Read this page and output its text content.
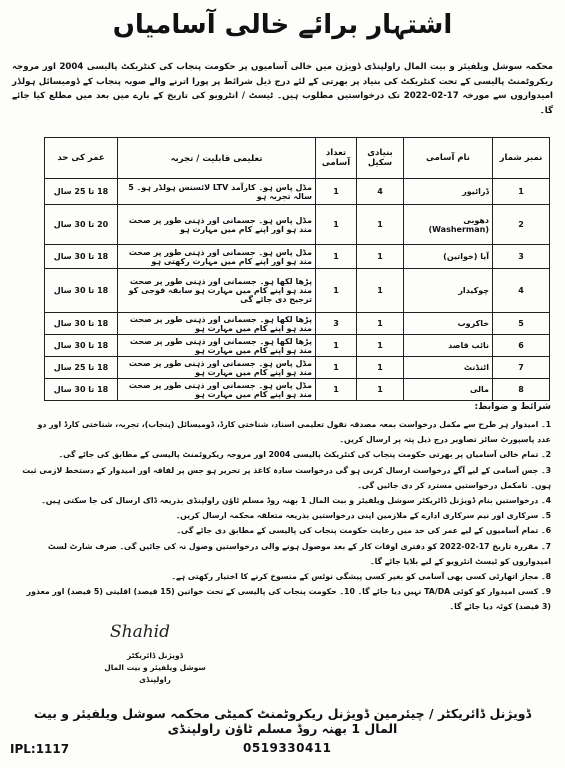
اشتہار برائے خالی آسامیاں
محکمہ سوشل ویلفیئر و بیت المال راولپنڈی ڈویژن میں خالی آسامیوں پر حکومت پنجاب کی کنٹریکٹ پالیسی 2004 اور مروجہ ریکروٹمنٹ پالیسی کے تحت کنٹریکٹ کی بنیاد پر بھرتی کے لئے درج ذیل شرائط پر پورا اترنے والے صوبہ پنجاب کے ڈومیسائل ہولڈر امیدواروں سے مورخہ 17-02-2022 تک درخواستیں مطلوب ہیں۔ ٹیسٹ / انٹرویو کی تاریخ کے بارے میں بعد میں مطلع کیا جائے گا۔
نمبر شمار	نام آسامی	بنیادی سکیل	تعداد آسامی	تعلیمی قابلیت / تجربہ	عمر کی حد
1	ڈرائیور	4	1	مڈل پاس ہو۔ کارآمد LTV لائسنس ہولڈر ہو۔ 5 سالہ تجربہ ہو	18 تا 25 سال
2	دھوبی (Washerman)	1	1	مڈل پاس ہو۔ جسمانی اور ذہنی طور پر صحت مند ہو اور اپنے کام میں مہارت ہو	20 تا 30 سال
3	آیا (خواتین)	1	1	مڈل پاس ہو۔ جسمانی اور ذہنی طور پر صحت مند ہو اور اپنے کام میں مہارت رکھتی ہو	18 تا 30 سال
4	چوکیدار	1	1	پڑھا لکھا ہو۔ جسمانی اور ذہنی طور پر صحت مند ہو اپنے کام میں مہارت ہو سابقہ فوجی کو ترجیح دی جائے گی	18 تا 30 سال
5	خاکروب	1	3	پڑھا لکھا ہو۔ جسمانی اور ذہنی طور پر صحت مند ہو اپنے کام میں مہارت ہو	18 تا 30 سال
6	نائب قاصد	1	1	پڑھا لکھا ہو۔ جسمانی اور ذہنی طور پر صحت مند ہو اپنے کام میں مہارت ہو	18 تا 30 سال
7	اٹنڈنٹ	1	1	مڈل پاس ہو۔ جسمانی اور ذہنی طور پر صحت مند ہو اپنے کام میں مہارت ہو	18 تا 25 سال
8	مالی	1	1	مڈل پاس ہو۔ جسمانی اور ذہنی طور پر صحت مند ہو اپنے کام میں مہارت ہو	18 تا 30 سال
شرائط و ضوابط:
1۔ امیدوار ہر طرح سے مکمل درخواست بمعہ مصدقہ نقول تعلیمی اسناد، شناختی کارڈ، ڈومیسائل (پنجاب)، تجربہ، شناختی کارڈ اور دو عدد پاسپورٹ سائز تصاویر درج ذیل پتہ پر ارسال کریں۔
2۔ تمام خالی آسامیاں پر بھرتی حکومت پنجاب کی کنٹریکٹ پالیسی 2004 اور مروجہ ریکروٹمنٹ پالیسی کے مطابق کی جائے گی۔
3۔ جس آسامی کے لیے آگے درخواست ارسال کرنی ہو گی درخواست سادہ کاغذ پر تحریر ہو جس پر لفافہ اور امیدوار کے دستخط لازمی ثبت ہوں۔ نامکمل درخواستیں مسترد کر دی جائیں گی۔
4۔ درخواستیں بنام ڈویژنل ڈائریکٹر سوشل ویلفیئر و بیت المال 1 بھنہ روڈ مسلم ٹاؤن راولپنڈی بذریعہ ڈاک ارسال کی جا سکتی ہیں۔
5۔ سرکاری اور نیم سرکاری ادارے کے ملازمین اپنی درخواستیں بذریعہ متعلقہ محکمہ ارسال کریں۔
6۔ تمام آسامیوں کے لیے عمر کی حد میں رعایت حکومت پنجاب کی پالیسی کے مطابق دی جائے گی۔
7۔ مقررہ تاریخ 17-02-2022 کو دفتری اوقات کار کے بعد موصول ہونے والی درخواستیں وصول نہ کی جائیں گی۔ صرف شارٹ لسٹ امیدواروں کو ٹیسٹ انٹرویو کے لیے بلایا جائے گا۔
8۔ مجاز اتھارٹی کسی بھی آسامی کو بغیر کسی پیشگی نوٹس کے منسوخ کرنے کا اختیار رکھتی ہے۔
9۔ کسی امیدوار کو کوئی TA/DA نہیں دیا جائے گا۔ 10۔ حکومت پنجاب کی پالیسی کے تحت خواتین (15 فیصد) اقلیتی (5 فیصد) اور معذور (3 فیصد) کوٹہ دیا جائے گا۔
Shahid
ڈویژنل ڈائریکٹر
سوشل ویلفیئر و بیت المال راولپنڈی
ڈویژنل ڈائریکٹر / چیئرمین ڈویژنل ریکروٹمنٹ کمیٹی محکمہ سوشل ویلفیئر و بیت المال 1 بھنہ روڈ مسلم ٹاؤن راولپنڈی
IPL:1117	0519330411
